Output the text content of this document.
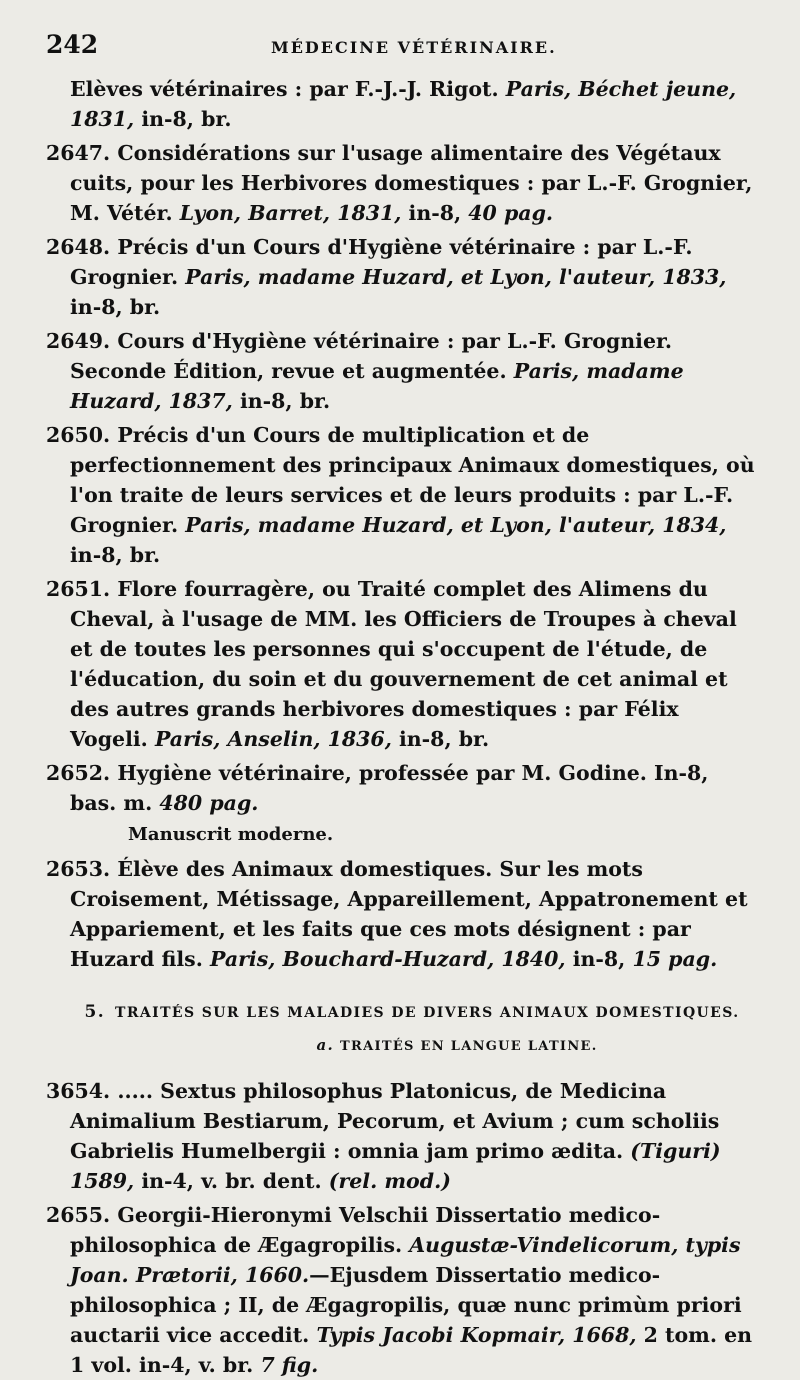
242	MÉDECINE VÉTÉRINAIRE.

Elèves vétérinaires : par F.-J.-J. Rigot. Paris, Béchet jeune, 1831, in-8, br.

2647. Considérations sur l'usage alimentaire des Végétaux cuits, pour les Herbivores domestiques : par L.-F. Grognier, M. Vétér. Lyon, Barret, 1831, in-8, 40 pag.

2648. Précis d'un Cours d'Hygiène vétérinaire : par L.-F. Grognier. Paris, madame Huzard, et Lyon, l'auteur, 1833, in-8, br.

2649. Cours d'Hygiène vétérinaire : par L.-F. Grognier. Seconde Édition, revue et augmentée. Paris, madame Huzard, 1837, in-8, br.

2650. Précis d'un Cours de multiplication et de perfectionnement des principaux Animaux domestiques, où l'on traite de leurs services et de leurs produits : par L.-F. Grognier. Paris, madame Huzard, et Lyon, l'auteur, 1834, in-8, br.

2651. Flore fourragère, ou Traité complet des Alimens du Cheval, à l'usage de MM. les Officiers de Troupes à cheval et de toutes les personnes qui s'occupent de l'étude, de l'éducation, du soin et du gouvernement de cet animal et des autres grands herbivores domestiques : par Félix Vogeli. Paris, Anselin, 1836, in-8, br.

2652. Hygiène vétérinaire, professée par M. Godine. In-8, bas. m. 480 pag.

Manuscrit moderne.

2653. Élève des Animaux domestiques. Sur les mots Croisement, Métissage, Appareillement, Appatronement et Appariement, et les faits que ces mots désignent : par Huzard fils. Paris, Bouchard-Huzard, 1840, in-8, 15 pag.

5. TRAITÉS SUR LES MALADIES DE DIVERS ANIMAUX DOMESTIQUES.
a. TRAITÉS EN LANGUE LATINE.

3654. ..... Sextus philosophus Platonicus, de Medicina Animalium Bestiarum, Pecorum, et Avium ; cum scholiis Gabrielis Humelbergii : omnia jam primo ædita. (Tiguri) 1589, in-4, v. br. dent. (rel. mod.)

2655. Georgii-Hieronymi Velschii Dissertatio medico-philosophica de Ægagropilis. Augustæ-Vindelicorum, typis Joan. Prætorii, 1660.—Ejusdem Dissertatio medico-philosophica ; II, de Ægagropilis, quæ nunc primùm priori auctarii vice accedit. Typis Jacobi Kopmair, 1668, 2 tom. en 1 vol. in-4, v. br. 7 fig.
